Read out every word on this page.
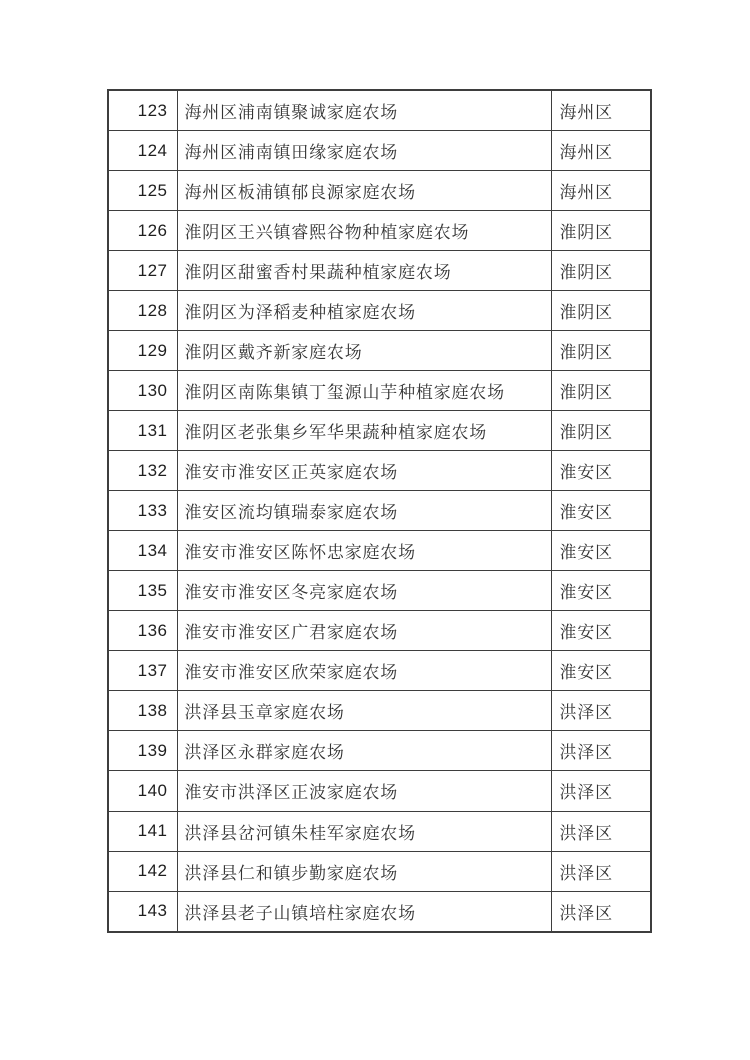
123	海州区浦南镇聚诚家庭农场	海州区
124	海州区浦南镇田缘家庭农场	海州区
125	海州区板浦镇郁良源家庭农场	海州区
126	淮阴区王兴镇睿熙谷物种植家庭农场	淮阴区
127	淮阴区甜蜜香村果蔬种植家庭农场	淮阴区
128	淮阴区为泽稻麦种植家庭农场	淮阴区
129	淮阴区戴齐新家庭农场	淮阴区
130	淮阴区南陈集镇丁玺源山芋种植家庭农场	淮阴区
131	淮阴区老张集乡军华果蔬种植家庭农场	淮阴区
132	淮安市淮安区正英家庭农场	淮安区
133	淮安区流均镇瑞泰家庭农场	淮安区
134	淮安市淮安区陈怀忠家庭农场	淮安区
135	淮安市淮安区冬亮家庭农场	淮安区
136	淮安市淮安区广君家庭农场	淮安区
137	淮安市淮安区欣荣家庭农场	淮安区
138	洪泽县玉章家庭农场	洪泽区
139	洪泽区永群家庭农场	洪泽区
140	淮安市洪泽区正波家庭农场	洪泽区
141	洪泽县岔河镇朱桂军家庭农场	洪泽区
142	洪泽县仁和镇步勤家庭农场	洪泽区
143	洪泽县老子山镇培柱家庭农场	洪泽区
